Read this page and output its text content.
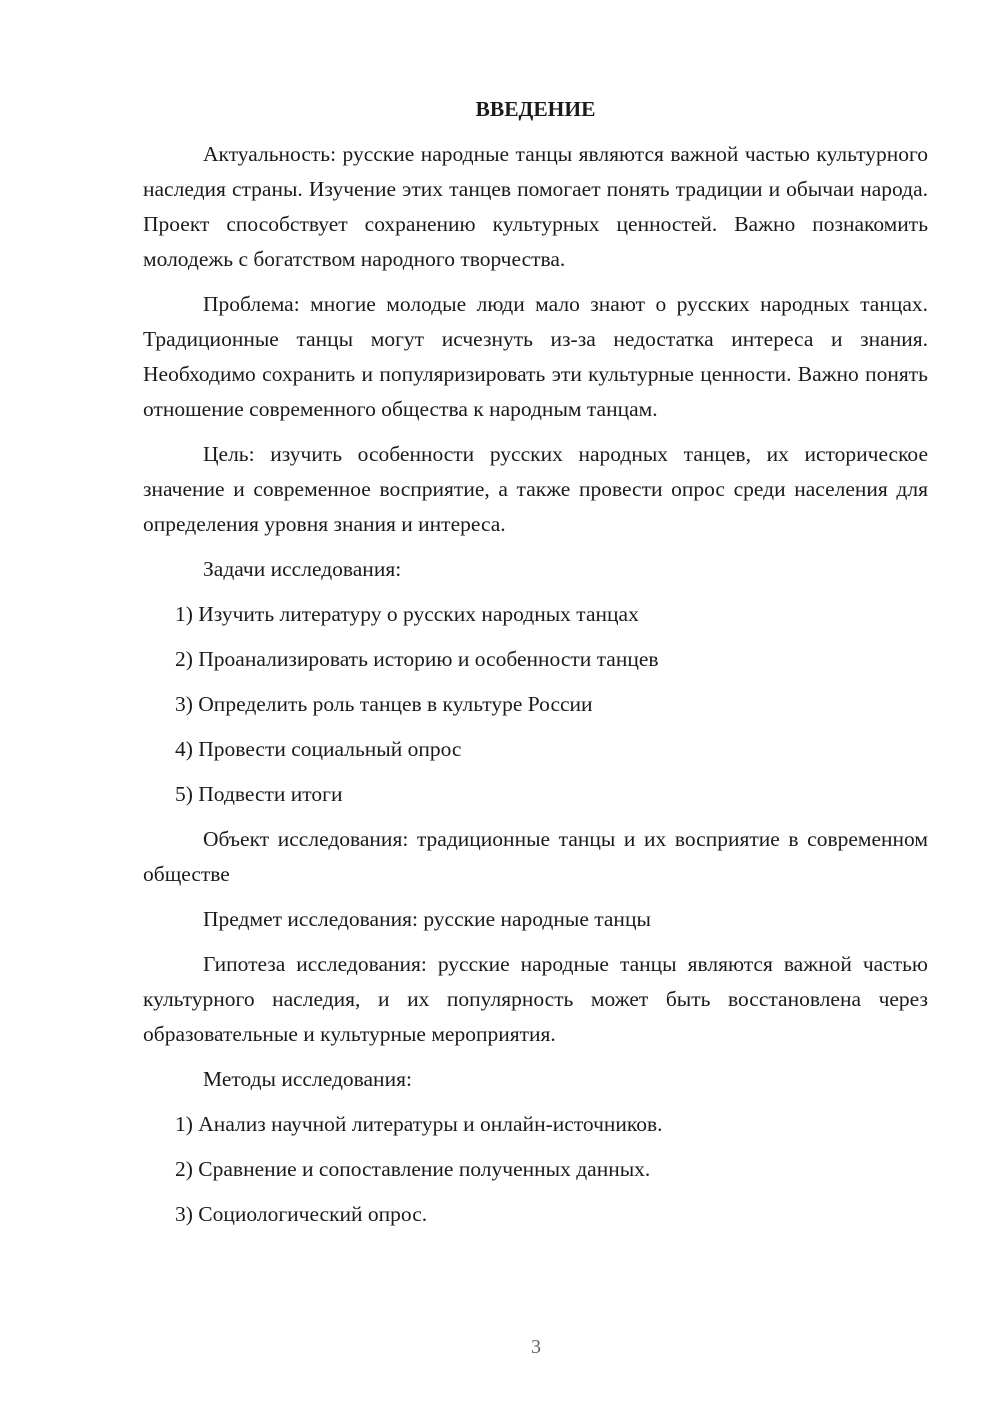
ВВЕДЕНИЕ

Актуальность: русские народные танцы являются важной частью культурного наследия страны. Изучение этих танцев помогает понять традиции и обычаи народа. Проект способствует сохранению культурных ценностей. Важно познакомить молодежь с богатством народного творчества.

Проблема: многие молодые люди мало знают о русских народных танцах. Традиционные танцы могут исчезнуть из-за недостатка интереса и знания. Необходимо сохранить и популяризировать эти культурные ценности. Важно понять отношение современного общества к народным танцам.

Цель: изучить особенности русских народных танцев, их историческое значение и современное восприятие, а также провести опрос среди населения для определения уровня знания и интереса.

Задачи исследования:

1) Изучить литературу о русских народных танцах

2) Проанализировать историю и особенности танцев

3) Определить роль танцев в культуре России

4) Провести социальный опрос

5) Подвести итоги

Объект исследования: традиционные танцы и их восприятие в современном обществе

Предмет исследования: русские народные танцы

Гипотеза исследования: русские народные танцы являются важной частью культурного наследия, и их популярность может быть восстановлена через образовательные и культурные мероприятия.

Методы исследования:

1) Анализ научной литературы и онлайн-источников.

2) Сравнение и сопоставление полученных данных.

3) Социологический опрос.

3
